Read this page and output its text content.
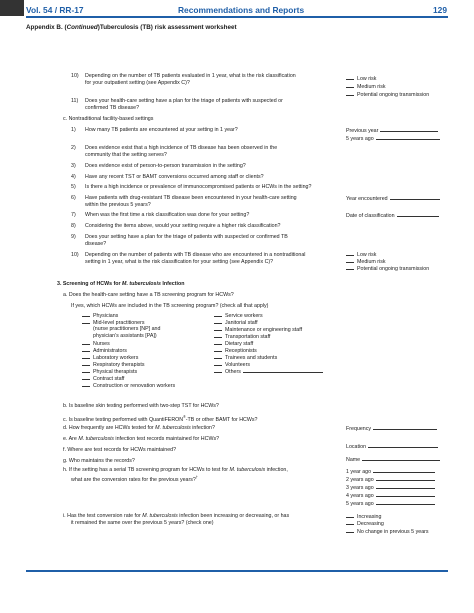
Vol. 54 / RR-17	Recommendations and Reports	129
Appendix B. (Continued)Tuberculosis (TB) risk assessment worksheet
10) Depending on the number of TB patients evaluated in 1 year, what is the risk classification
for your outpatient setting (see Appendix C)?
Low risk
Medium risk
Potential ongoing transmission
11) Does your health-care setting have a plan for the triage of patients with suspected or
confirmed TB disease?
c. Nontraditional facility-based settings
1) How many TB patients are encountered at your setting in 1 year?	Previous year
5 years ago
2) Does evidence exist that a high incidence of TB disease has been observed in the
community that the setting serves?
3) Does evidence exist of person-to-person transmission in the setting?
4) Have any recent TST or BAMT conversions occurred among staff or clients?
5) Is there a high incidence or prevalence of immunocompromised patients or HCWs in the setting?
6) Have patients with drug-resistant TB disease been encountered in your health-care setting
within the previous 5 years?
Year encountered
7) When was the first time a risk classification was done for your setting?	Date of classification
8) Considering the items above, would your setting require a higher risk classification?
9) Does your setting have a plan for the triage of patients with suspected or confirmed TB
disease?
10) Depending on the number of patients with TB disease who are encountered in a nontraditional
setting in 1 year, what is the risk classification for your setting (see Appendix C)?
Low risk
Medium risk
Potential ongoing transmission
3. Screening of HCWs for M. tuberculosis Infection
a. Does the health-care setting have a TB screening program for HCWs?
If yes, which HCWs are included in the TB screening program? (check all that apply)
Physicians
Mid-level practitioners
(nurse practitioners [NP] and
physician’s assistants [PA])
Nurses
Administrators
Laboratory workers
Respiratory therapists
Physical therapists
Contract staff
Construction or renovation workers
Service workers
Janitorial staff
Maintenance or engineering staff
Transportation staff
Dietary staff
Receptionists
Trainees and students
Volunteers
Others
b. Is baseline skin testing performed with two-step TST for HCWs?
c. Is baseline testing performed with QuantiFERON®-TB or other BAMT for HCWs?
d. How frequently are HCWs tested for M. tuberculosis infection?	Frequency
e. Are M. tuberculosis infection test records maintained for HCWs?
f. Where are test records for HCWs maintained?	Location
g. Who maintains the records?	Name
h. If the setting has a serial TB screening program for HCWs to test for M. tuberculosis infection,
what are the conversion rates for the previous years?†
1 year ago
2 years ago
3 years ago
4 years ago
5 years ago
i. Has the test conversion rate for M. tuberculosis infection been increasing or decreasing, or has
it remained the same over the previous 5 years? (check one)
Increasing
Decreasing
No change in previous 5 years
